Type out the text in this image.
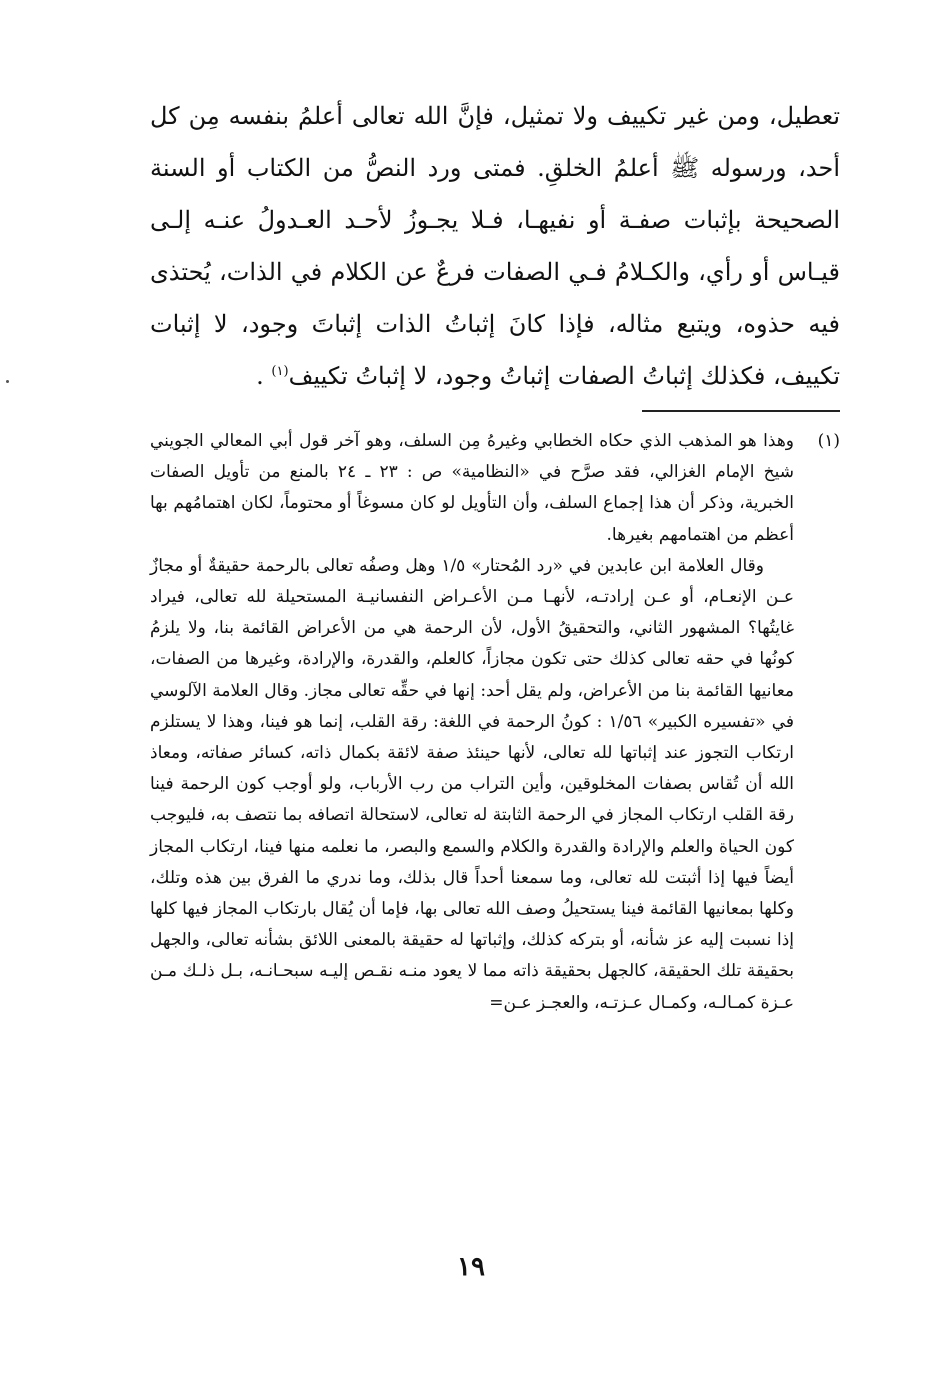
تعطيل، ومن غير تكييف ولا تمثيل، فإنَّ الله تعالى أعلمُ بنفسه مِن كل أحد، ورسوله ﷺ أعلمُ الخلقِ. فمتى ورد النصُّ من الكتاب أو السنة الصحيحة بإثبات صفـة أو نفيهـا، فـلا يجـوزُ لأحـد العـدولُ عنـه إلـى قيـاس أو رأي، والكـلامُ فـي الصفات فرعٌ عن الكلام في الذات، يُحتذى فيه حذوه، ويتبع مثاله، فإذا كانَ إثباتُ الذات إثباتَ وجود، لا إثبات تكييف، فكذلك إثباتُ الصفات إثباتُ وجود، لا إثباتُ تكييف$^{(١)}$ .

(١)
وهذا هو المذهب الذي حكاه الخطابي وغيرهُ مِن السلف، وهو آخر قول أبي المعالي الجويني شيخ الإمام الغزالي، فقد صرَّح في «النظامية» ص : ٢٣ ـ ٢٤ بالمنع من تأويل الصفات الخبرية، وذكر أن هذا إجماع السلف، وأن التأويل لو كان مسوغاً أو محتوماً، لكان اهتمامُهم بها أعظم من اهتمامهم بغيرها.

وقال العلامة ابن عابدين في «رد المُحتار» ١/٥ وهل وصفُه تعالى بالرحمة حقيقةٌ أو مجازٌ عـن الإنعـام، أو عـن إرادتـه، لأنهـا مـن الأعـراض النفسانيـة المستحيلة لله تعالى، فيراد غايتُها؟ المشهور الثاني، والتحقيقُ الأول، لأن الرحمة هي من الأعراض القائمة بنا، ولا يلزمُ كونُها في حقه تعالى كذلك حتى تكون مجازاً، كالعلم، والقدرة، والإرادة، وغيرها من الصفات، معانيها القائمة بنا من الأعراض، ولم يقل أحد: إنها في حقِّه تعالى مجاز. وقال العلامة الآلوسي في «تفسيره الكبير» ١/٥٦ : كونُ الرحمة في اللغة: رقة القلب، إنما هو فينا، وهذا لا يستلزم ارتكاب التجوز عند إثباتها لله تعالى، لأنها حينئذ صفة لائقة بكمال ذاته، كسائر صفاته، ومعاذ الله أن تُقاس بصفات المخلوقين، وأين التراب من رب الأرباب، ولو أوجب كون الرحمة فينا رقة القلب ارتكاب المجاز في الرحمة الثابتة له تعالى، لاستحالة اتصافه بما نتصف به، فليوجب كون الحياة والعلم والإرادة والقدرة والكلام والسمع والبصر، ما نعلمه منها فينا، ارتكاب المجاز أيضاً فيها إذا أثبتت لله تعالى، وما سمعنا أحداً قال بذلك، وما ندري ما الفرق بين هذه وتلك، وكلها بمعانيها القائمة فينا يستحيلُ وصف الله تعالى بها، فإما أن يُقال بارتكاب المجاز فيها كلها إذا نسبت إليه عز شأنه، أو بتركه كذلك، وإثباتها له حقيقة بالمعنى اللائق بشأنه تعالى، والجهل بحقيقة تلك الحقيقة، كالجهل بحقيقة ذاته مما لا يعود منـه نقـص إليـه سبحـانـه، بـل ذلـك مـن عـزة كمـالـه، وكمـال عـزتـه، والعجـز عـن=

١٩
